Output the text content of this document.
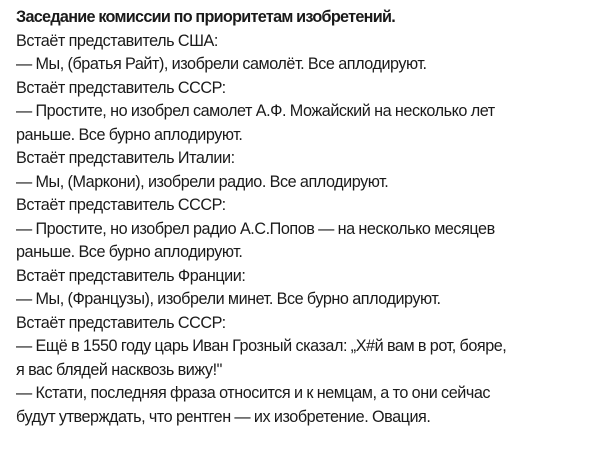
Заседание комиссии по приоритетам изобретений.
Встаёт представитель США:
— Мы, (братья Райт), изобрели самолёт. Все аплодируют.
Встаёт представитель СССР:
— Простите, но изобрел самолет А.Ф. Можайский на несколько лет
раньше. Все бурно аплодируют.
Встаёт представитель Италии:
— Мы, (Маркони), изобрели радио. Все аплодируют.
Встаёт представитель СССР:
— Простите, но изобрел радио А.С.Попов — на несколько месяцев
раньше. Все бурно аплодируют.
Встаёт представитель Франции:
— Мы, (Французы), изобрели минет. Все бурно аплодируют.
Встаёт представитель СССР:
— Ещё в 1550 году царь Иван Грозный сказал: „Х#й вам в рот, бояре,
я вас блядей насквозь вижу!"
— Кстати, последняя фраза относится и к немцам, а то они сейчас
будут утверждать, что рентген — их изобретение. Овация.
